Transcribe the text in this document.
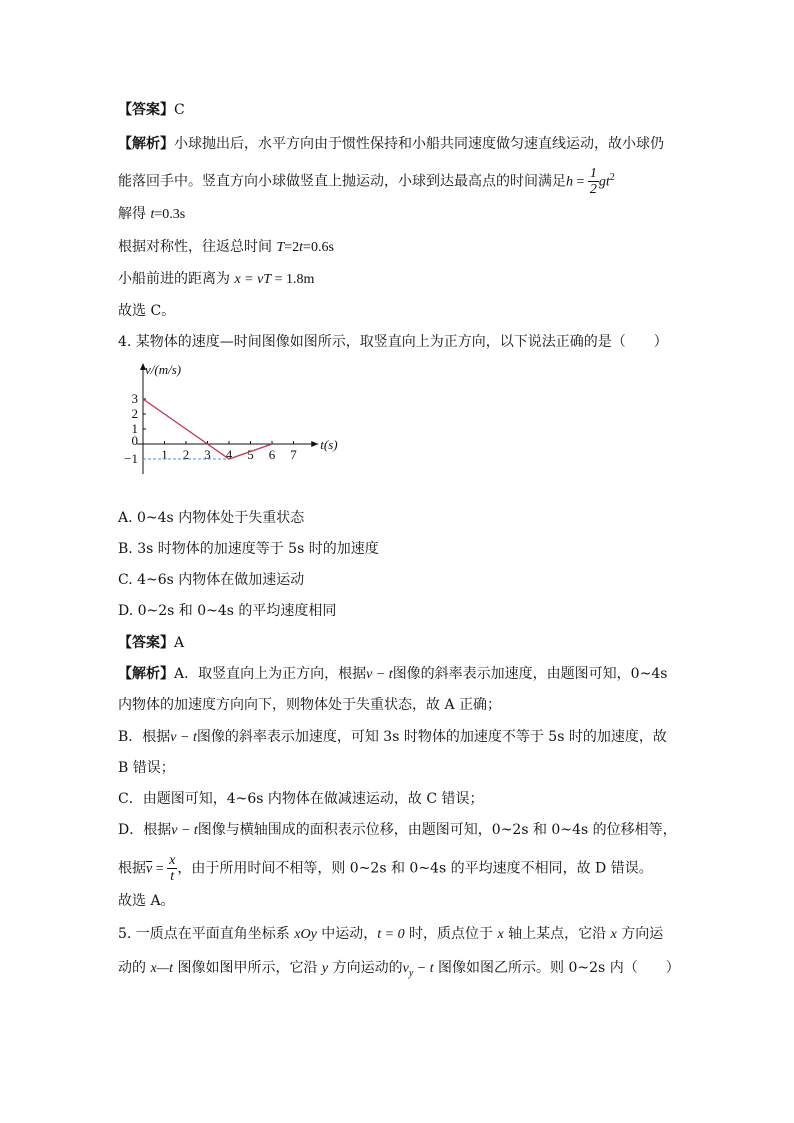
【答案】C
【解析】小球抛出后，水平方向由于惯性保持和小船共同速度做匀速直线运动，故小球仍
能落回手中。竖直方向小球做竖直上抛运动，小球到达最高点的时间满足$h = \frac{1}{2} gt^2$
解得 t=0.3s
根据对称性，往返总时间 T=2t=0.6s
小船前进的距离为 x = vT = 1.8m
故选 C。
4. 某物体的速度—时间图像如图所示，取竖直向上为正方向，以下说法正确的是（　　）
1 2 3 4 5 6 7
3
2
1
−1
0
v/(m/s)
t(s)
A. 0~4s 内物体处于失重状态
B. 3s 时物体的加速度等于 5s 时的加速度
C. 4~6s 内物体在做加速运动
D. 0~2s 和 0~4s 的平均速度相同
【答案】A
【解析】A．取竖直向上为正方向，根据v − t图像的斜率表示加速度，由题图可知，0~4s
内物体的加速度方向向下，则物体处于失重状态，故 A 正确；
B．根据v − t图像的斜率表示加速度，可知 3s 时物体的加速度不等于 5s 时的加速度，故
B 错误；
C．由题图可知，4~6s 内物体在做减速运动，故 C 错误；
D．根据v − t图像与横轴围成的面积表示位移，由题图可知，0~2s 和 0~4s 的位移相等，
根据$\overline{v} = \frac{x}{t}$ ，由于所用时间不相等，则 0~2s 和 0~4s 的平均速度不相同，故 D 错误。
故选 A。
5. 一质点在平面直角坐标系 xOy 中运动，t = 0 时，质点位于 x 轴上某点，它沿 x 方向运
动的 x—t 图像如图甲所示，它沿 y 方向运动的$v_y - t$ 图像如图乙所示。则 0~2s 内（　　）
